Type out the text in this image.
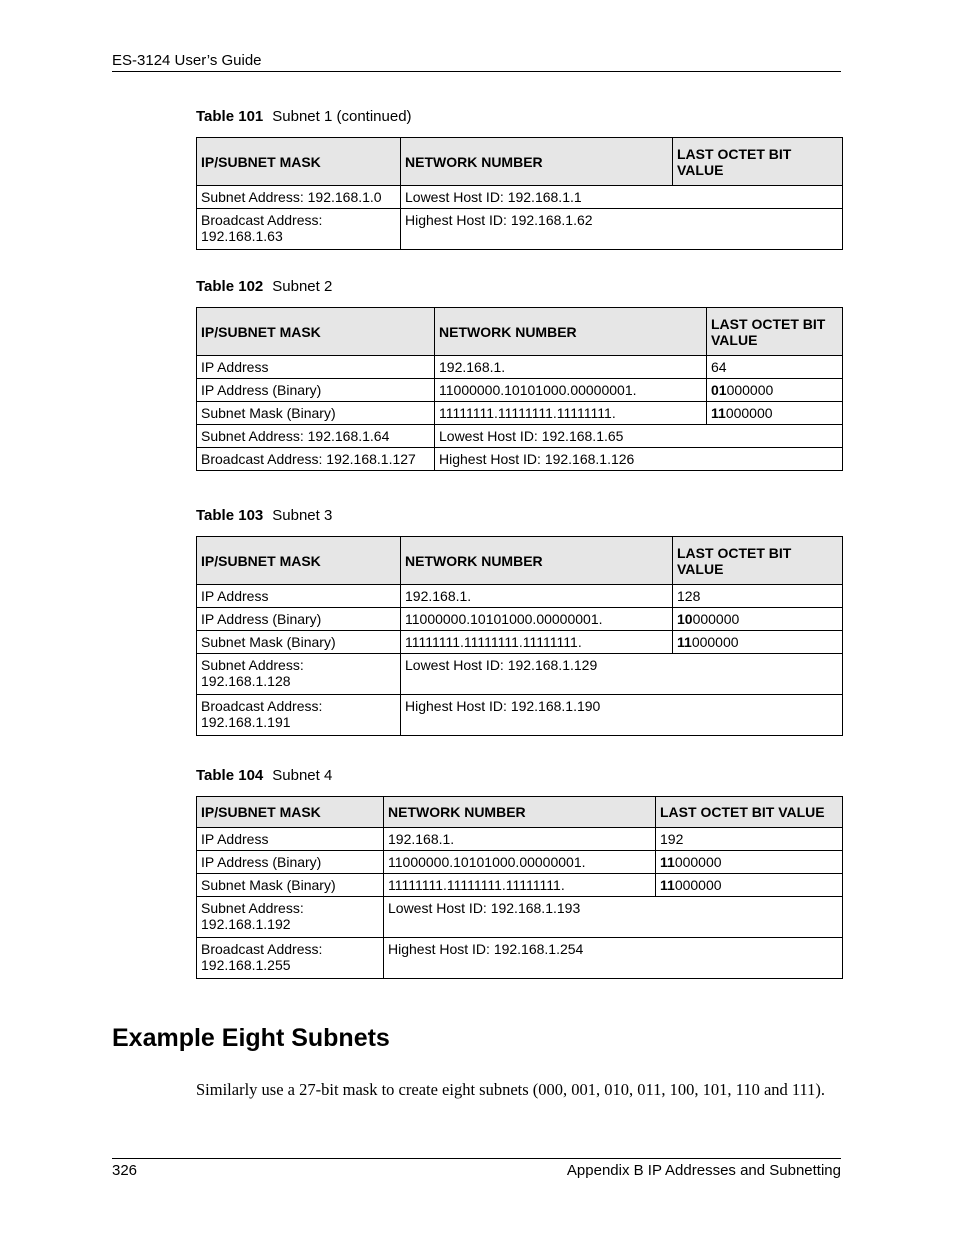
ES-3124 User’s Guide
Table 101 Subnet 1 (continued)
IP/SUBNET MASK	NETWORK NUMBER	LAST OCTET BIT VALUE
Subnet Address: 192.168.1.0	Lowest Host ID: 192.168.1.1	
Broadcast Address: 192.168.1.63	Highest Host ID: 192.168.1.62	
Table 102 Subnet 2
IP/SUBNET MASK	NETWORK NUMBER	LAST OCTET BIT VALUE
IP Address	192.168.1.	64
IP Address (Binary)	11000000.10101000.00000001.	01000000
Subnet Mask (Binary)	11111111.11111111.11111111.	11000000
Subnet Address: 192.168.1.64	Lowest Host ID: 192.168.1.65	
Broadcast Address: 192.168.1.127	Highest Host ID: 192.168.1.126	
Table 103 Subnet 3
IP/SUBNET MASK	NETWORK NUMBER	LAST OCTET BIT VALUE
IP Address	192.168.1.	128
IP Address (Binary)	11000000.10101000.00000001.	10000000
Subnet Mask (Binary)	11111111.11111111.11111111.	11000000
Subnet Address: 192.168.1.128	Lowest Host ID: 192.168.1.129	
Broadcast Address: 192.168.1.191	Highest Host ID: 192.168.1.190	
Table 104 Subnet 4
IP/SUBNET MASK	NETWORK NUMBER	LAST OCTET BIT VALUE
IP Address	192.168.1.	192
IP Address (Binary)	11000000.10101000.00000001.	11000000
Subnet Mask (Binary)	11111111.11111111.11111111.	11000000
Subnet Address: 192.168.1.192	Lowest Host ID: 192.168.1.193	
Broadcast Address: 192.168.1.255	Highest Host ID: 192.168.1.254	
Example Eight Subnets
Similarly use a 27-bit mask to create eight subnets (000, 001, 010, 011, 100, 101, 110 and 111).
326	Appendix B IP Addresses and Subnetting
